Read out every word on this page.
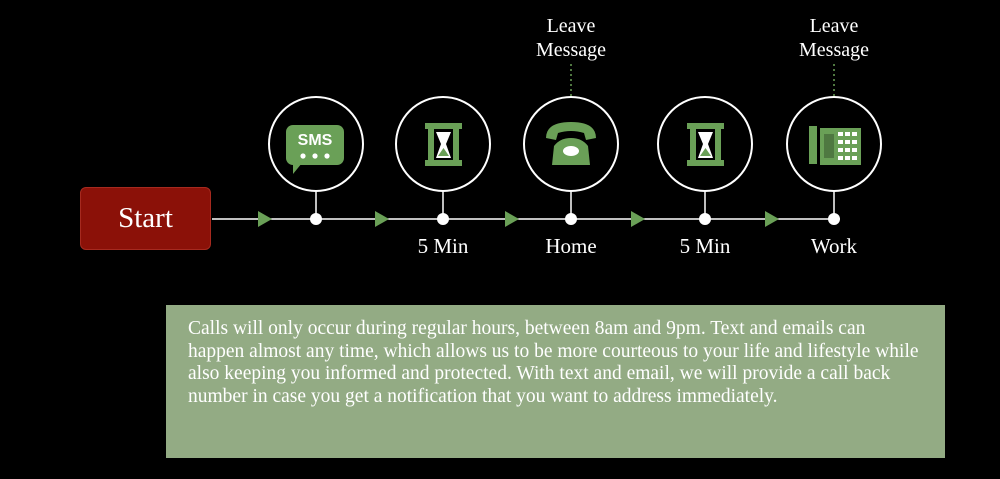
Start
SMS
Leave
Message
Leave
Message
5 Min	Home	5 Min	Work
Calls will only occur during regular hours, between 8am and 9pm. Text and emails can happen almost any time, which allows us to be more courteous to your life and lifestyle while also keeping you informed and protected. With text and email, we will provide a call back number in case you get a notification that you want to address immediately.
